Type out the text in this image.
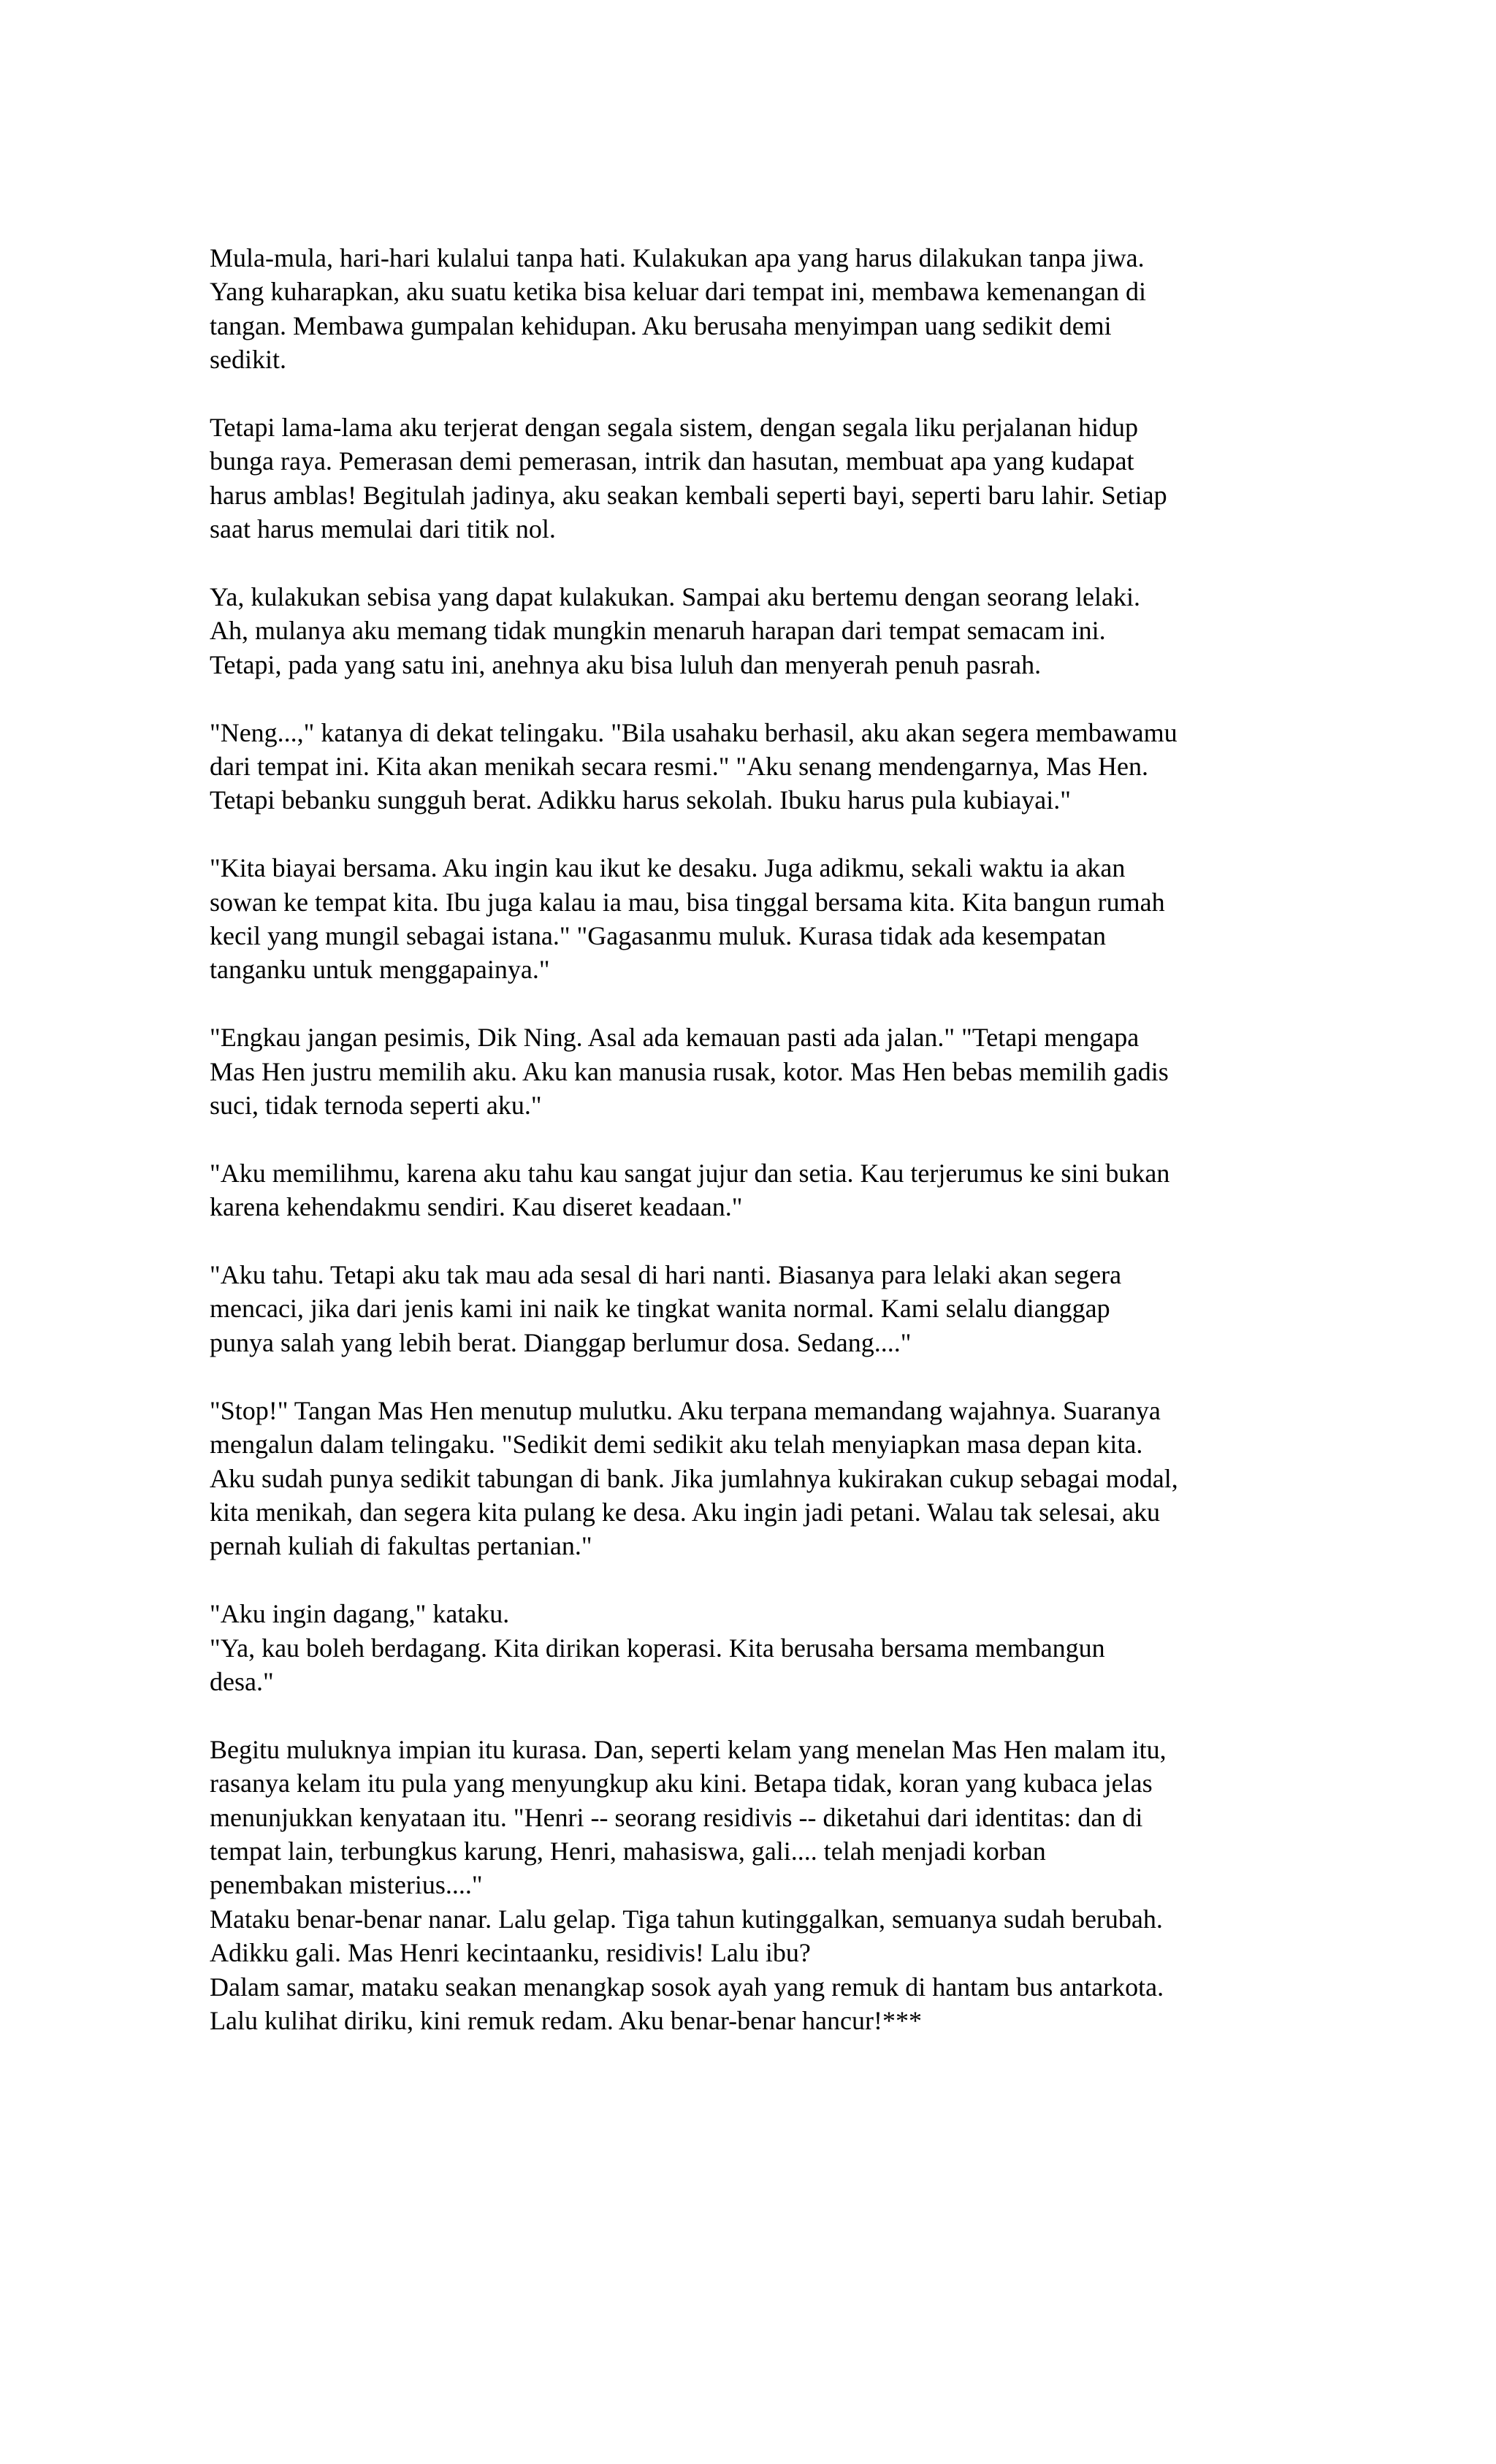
Mula-mula, hari-hari kulalui tanpa hati. Kulakukan apa yang harus dilakukan tanpa jiwa.
Yang kuharapkan, aku suatu ketika bisa keluar dari tempat ini, membawa kemenangan di
tangan. Membawa gumpalan kehidupan. Aku berusaha menyimpan uang sedikit demi
sedikit.

Tetapi lama-lama aku terjerat dengan segala sistem, dengan segala liku perjalanan hidup
bunga raya. Pemerasan demi pemerasan, intrik dan hasutan, membuat apa yang kudapat
harus amblas! Begitulah jadinya, aku seakan kembali seperti bayi, seperti baru lahir. Setiap
saat harus memulai dari titik nol.

Ya, kulakukan sebisa yang dapat kulakukan. Sampai aku bertemu dengan seorang lelaki.
Ah, mulanya aku memang tidak mungkin menaruh harapan dari tempat semacam ini.
Tetapi, pada yang satu ini, anehnya aku bisa luluh dan menyerah penuh pasrah.

"Neng...," katanya di dekat telingaku. "Bila usahaku berhasil, aku akan segera membawamu
dari tempat ini. Kita akan menikah secara resmi." "Aku senang mendengarnya, Mas Hen.
Tetapi bebanku sungguh berat. Adikku harus sekolah. Ibuku harus pula kubiayai."

"Kita biayai bersama. Aku ingin kau ikut ke desaku. Juga adikmu, sekali waktu ia akan
sowan ke tempat kita. Ibu juga kalau ia mau, bisa tinggal bersama kita. Kita bangun rumah
kecil yang mungil sebagai istana." "Gagasanmu muluk. Kurasa tidak ada kesempatan
tanganku untuk menggapainya."

"Engkau jangan pesimis, Dik Ning. Asal ada kemauan pasti ada jalan." "Tetapi mengapa
Mas Hen justru memilih aku. Aku kan manusia rusak, kotor. Mas Hen bebas memilih gadis
suci, tidak ternoda seperti aku."

"Aku memilihmu, karena aku tahu kau sangat jujur dan setia. Kau terjerumus ke sini bukan
karena kehendakmu sendiri. Kau diseret keadaan."

"Aku tahu. Tetapi aku tak mau ada sesal di hari nanti. Biasanya para lelaki akan segera
mencaci, jika dari jenis kami ini naik ke tingkat wanita normal. Kami selalu dianggap
punya salah yang lebih berat. Dianggap berlumur dosa. Sedang...."

"Stop!" Tangan Mas Hen menutup mulutku. Aku terpana memandang wajahnya. Suaranya
mengalun dalam telingaku. "Sedikit demi sedikit aku telah menyiapkan masa depan kita.
Aku sudah punya sedikit tabungan di bank. Jika jumlahnya kukirakan cukup sebagai modal,
kita menikah, dan segera kita pulang ke desa. Aku ingin jadi petani. Walau tak selesai, aku
pernah kuliah di fakultas pertanian."

"Aku ingin dagang," kataku.
"Ya, kau boleh berdagang. Kita dirikan koperasi. Kita berusaha bersama membangun
desa."

Begitu muluknya impian itu kurasa. Dan, seperti kelam yang menelan Mas Hen malam itu,
rasanya kelam itu pula yang menyungkup aku kini. Betapa tidak, koran yang kubaca jelas
menunjukkan kenyataan itu. "Henri -- seorang residivis -- diketahui dari identitas: dan di
tempat lain, terbungkus karung, Henri, mahasiswa, gali.... telah menjadi korban
penembakan misterius...."
Mataku benar-benar nanar. Lalu gelap. Tiga tahun kutinggalkan, semuanya sudah berubah.
Adikku gali. Mas Henri kecintaanku, residivis! Lalu ibu?
Dalam samar, mataku seakan menangkap sosok ayah yang remuk di hantam bus antarkota.
Lalu kulihat diriku, kini remuk redam. Aku benar-benar hancur!***
